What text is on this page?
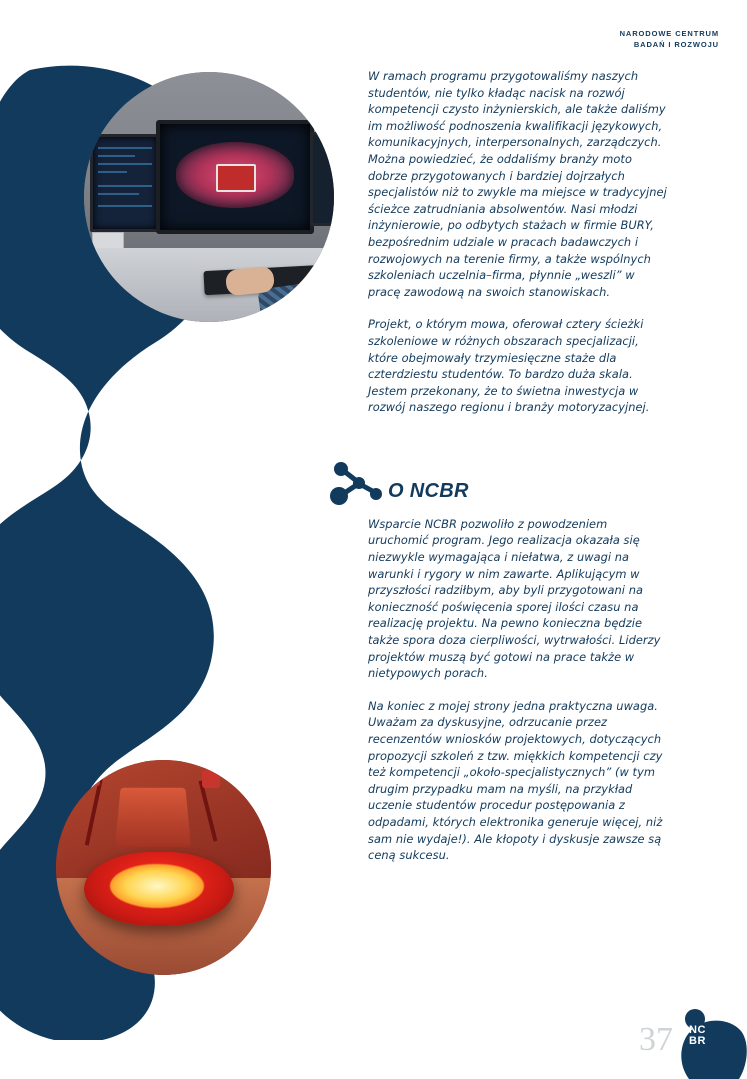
NARODOWE CENTRUM
BADAŃ I ROZWOJU

W ramach programu przygotowaliśmy naszych studentów, nie tylko kładąc nacisk na rozwój kompetencji czysto inżynierskich, ale także daliśmy im możliwość podnoszenia kwalifikacji językowych, komunikacyjnych, interpersonalnych, zarządczych. Można powiedzieć, że oddaliśmy branży moto dobrze przygotowanych i bardziej dojrzałych specjalistów niż to zwykle ma miejsce w tradycyjnej ścieżce zatrudniania absolwentów. Nasi młodzi inżynierowie, po odbytych stażach w firmie BURY, bezpośrednim udziale w pracach badawczych i rozwojowych na terenie firmy, a także wspólnych szkoleniach uczelnia–firma, płynnie „weszli” w pracę zawodową na swoich stanowiskach.

Projekt, o którym mowa, oferował cztery ścieżki szkoleniowe w różnych obszarach specjalizacji, które obejmowały trzymiesięczne staże dla czterdziestu studentów. To bardzo duża skala. Jestem przekonany, że to świetna inwestycja w rozwój naszego regionu i branży motoryzacyjnej.

Wsparcie NCBR pozwoliło z powodzeniem uruchomić program. Jego realizacja okazała się niezwykle wymagająca i niełatwa, z uwagi na warunki i rygory w nim zawarte. Aplikującym w przyszłości radziłbym, aby byli przygotowani na konieczność poświęcenia sporej ilości czasu na realizację projektu. Na pewno konieczna będzie także spora doza cierpliwości, wytrwałości. Liderzy projektów muszą być gotowi na prace także w nietypowych porach.

Na koniec z mojej strony jedna praktyczna uwaga. Uważam za dyskusyjne, odrzucanie przez recenzentów wniosków projektowych, dotyczących propozycji szkoleń z tzw. miękkich kompetencji czy też kompetencji „około-specjalistycznych” (w tym drugim przypadku mam na myśli, na przykład uczenie studentów procedur postępowania z odpadami, których elektronika generuje więcej, niż sam nie wydaje!). Ale kłopoty i dyskusje zawsze są ceną sukcesu.

O NCBR
37 NC
BR
